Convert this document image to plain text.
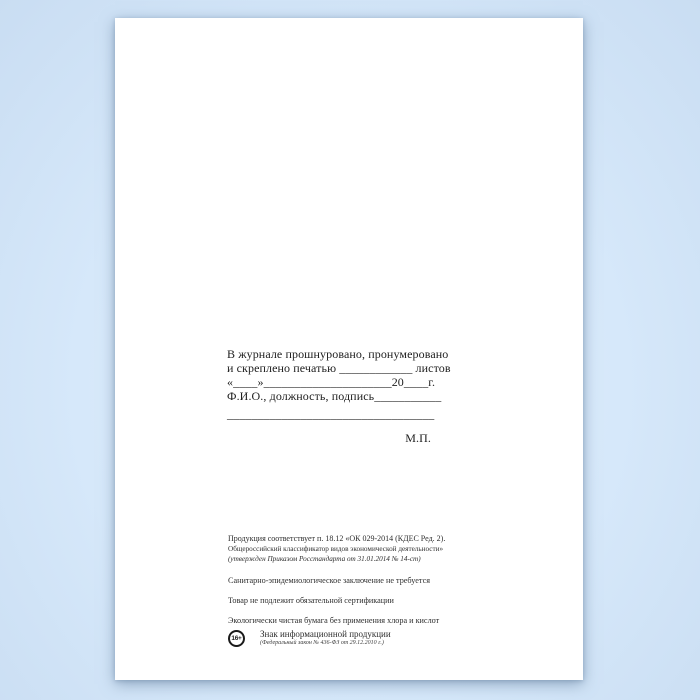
В журнале прошнуровано, пронумеровано
и скреплено печатью ____________ листов
«____»_____________________20____г.
Ф.И.О., должность, подпись___________
__________________________________
М.П.
Продукция соответствует п. 18.12 «ОК 029-2014 (КДЕС Ред. 2).
Общероссийский классификатор видов экономической деятельности»
(утвержден Приказом Росстандарта от 31.01.2014 № 14-ст)
Санитарно-эпидемиологическое заключение не требуется
Товар не подлежит обязательной сертификации
Экологически чистая бумага без применения хлора и кислот
16+	Знак информационной продукции
(Федеральный закон № 436-ФЗ от 29.12.2010 г.)
